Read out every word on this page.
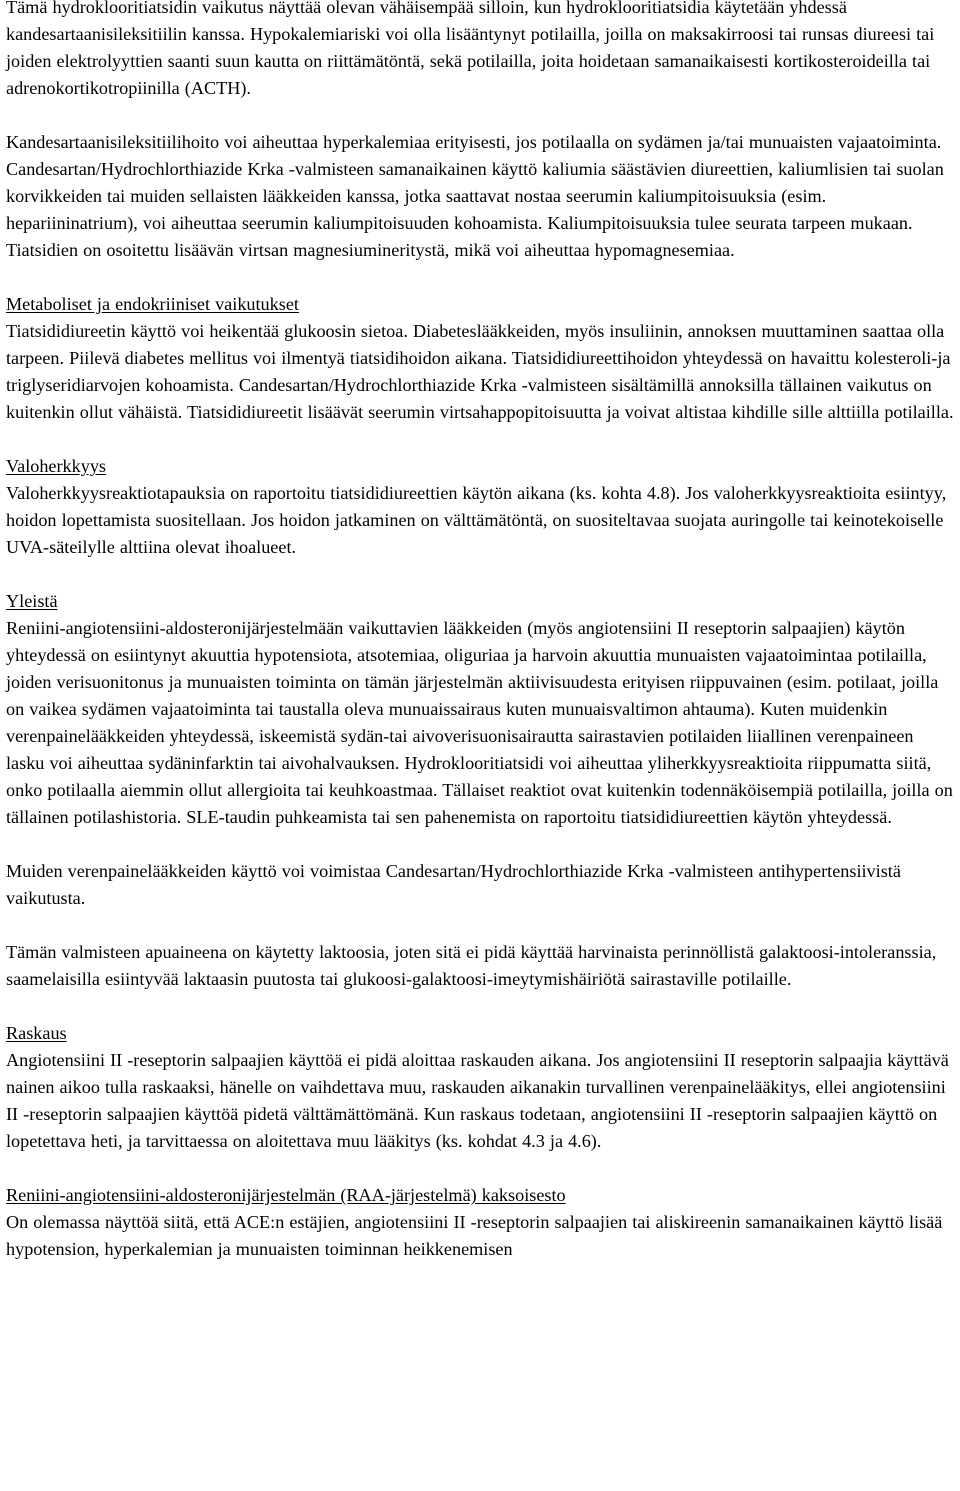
Tämä hydroklooritiatsidin vaikutus näyttää olevan vähäisempää silloin, kun hydroklooritiatsidia käytetään yhdessä kandesartaanisileksitiilin kanssa. Hypokalemiariski voi olla lisääntynyt potilailla, joilla on maksakirroosi tai runsas diureesi tai joiden elektrolyyttien saanti suun kautta on riittämätöntä, sekä potilailla, joita hoidetaan samanaikaisesti kortikosteroideilla tai adrenokortikotropiinilla (ACTH).

Kandesartaanisileksitiilihoito voi aiheuttaa hyperkalemiaa erityisesti, jos potilaalla on sydämen ja/tai munuaisten vajaatoiminta. Candesartan/Hydrochlorthiazide Krka -valmisteen samanaikainen käyttö kaliumia säästävien diureettien, kaliumlisien tai suolan korvikkeiden tai muiden sellaisten lääkkeiden kanssa, jotka saattavat nostaa seerumin kaliumpitoisuuksia (esim. hepariininatrium), voi aiheuttaa seerumin kaliumpitoisuuden kohoamista. Kaliumpitoisuuksia tulee seurata tarpeen mukaan. Tiatsidien on osoitettu lisäävän virtsan magnesiumineritystä, mikä voi aiheuttaa hypomagnesemiaa.

Metaboliset ja endokriiniset vaikutukset
Tiatsididiureetin käyttö voi heikentää glukoosin sietoa. Diabeteslääkkeiden, myös insuliinin, annoksen muuttaminen saattaa olla tarpeen. Piilevä diabetes mellitus voi ilmentyä tiatsidihoidon aikana. Tiatsididiureettihoidon yhteydessä on havaittu kolesteroli-ja triglyseridiarvojen kohoamista. Candesartan/Hydrochlorthiazide Krka -valmisteen sisältämillä annoksilla tällainen vaikutus on kuitenkin ollut vähäistä. Tiatsididiureetit lisäävät seerumin virtsahappopitoisuutta ja voivat altistaa kihdille sille alttiilla potilailla.

Valoherkkyys
Valoherkkyysreaktiotapauksia on raportoitu tiatsididiureettien käytön aikana (ks. kohta 4.8). Jos valoherkkyysreaktioita esiintyy, hoidon lopettamista suositellaan. Jos hoidon jatkaminen on välttämätöntä, on suositeltavaa suojata auringolle tai keinotekoiselle UVA-säteilylle alttiina olevat ihoalueet.

Yleistä
Reniini-angiotensiini-aldosteronijärjestelmään vaikuttavien lääkkeiden (myös angiotensiini II reseptorin salpaajien) käytön yhteydessä on esiintynyt akuuttia hypotensiota, atsotemiaa, oliguriaa ja harvoin akuuttia munuaisten vajaatoimintaa potilailla, joiden verisuonitonus ja munuaisten toiminta on tämän järjestelmän aktiivisuudesta erityisen riippuvainen (esim. potilaat, joilla on vaikea sydämen vajaatoiminta tai taustalla oleva munuaissairaus kuten munuaisvaltimon ahtauma). Kuten muidenkin verenpainelääkkeiden yhteydessä, iskeemistä sydän-tai aivoverisuonisairautta sairastavien potilaiden liiallinen verenpaineen lasku voi aiheuttaa sydäninfarktin tai aivohalvauksen. Hydroklooritiatsidi voi aiheuttaa yliherkkyysreaktioita riippumatta siitä, onko potilaalla aiemmin ollut allergioita tai keuhkoastmaa. Tällaiset reaktiot ovat kuitenkin todennäköisempiä potilailla, joilla on tällainen potilashistoria. SLE-taudin puhkeamista tai sen pahenemista on raportoitu tiatsididiureettien käytön yhteydessä.

Muiden verenpainelääkkeiden käyttö voi voimistaa Candesartan/Hydrochlorthiazide Krka -valmisteen antihypertensiivistä vaikutusta.

Tämän valmisteen apuaineena on käytetty laktoosia, joten sitä ei pidä käyttää harvinaista perinnöllistä galaktoosi-intoleranssia, saamelaisilla esiintyvää laktaasin puutosta tai glukoosi-galaktoosi-imeytymishäiriötä sairastaville potilaille.

Raskaus
Angiotensiini II -reseptorin salpaajien käyttöä ei pidä aloittaa raskauden aikana. Jos angiotensiini II reseptorin salpaajia käyttävä nainen aikoo tulla raskaaksi, hänelle on vaihdettava muu, raskauden aikanakin turvallinen verenpainelääkitys, ellei angiotensiini II -reseptorin salpaajien käyttöä pidetä välttämättömänä. Kun raskaus todetaan, angiotensiini II -reseptorin salpaajien käyttö on lopetettava heti, ja tarvittaessa on aloitettava muu lääkitys (ks. kohdat 4.3 ja 4.6).

Reniini-angiotensiini-aldosteronijärjestelmän (RAA-järjestelmä) kaksoisesto
On olemassa näyttöä siitä, että ACE:n estäjien, angiotensiini II -reseptorin salpaajien tai aliskireenin samanaikainen käyttö lisää hypotension, hyperkalemian ja munuaisten toiminnan heikkenemisen
